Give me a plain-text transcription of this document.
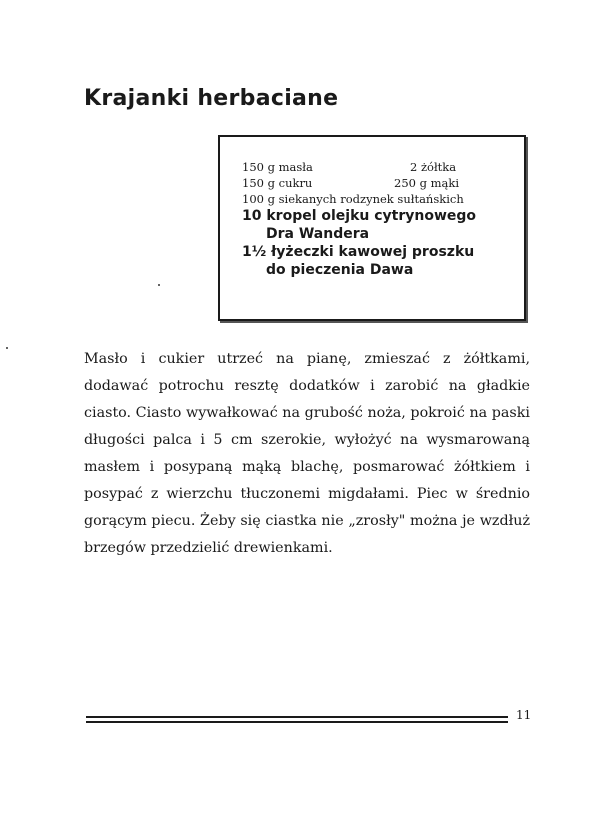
Krajanki herbaciane
150 g masła	2 żółtka
150 g cukru	250 g mąki
100 g siekanych rodzynek sułtańskich
10 kropel olejku cytrynowego
Dra Wandera
1½ łyżeczki kawowej proszku
do pieczenia Dawa

Masło i cukier utrzeć na pianę, zmieszać z żółtkami, dodawać potrochu resztę dodatków i zarobić na gładkie ciasto. Ciasto wywałkować na grubość noża, pokroić na paski długości palca i 5 cm szerokie, wyłożyć na wysmarowaną masłem i posypaną mąką blachę, posmarować żółtkiem i posypać z wierzchu tłuczonemi migdałami. Piec w średnio gorącym piecu. Żeby się ciastka nie „zrosły" można je wzdłuż brzegów przedzielić drewienkami.

11
